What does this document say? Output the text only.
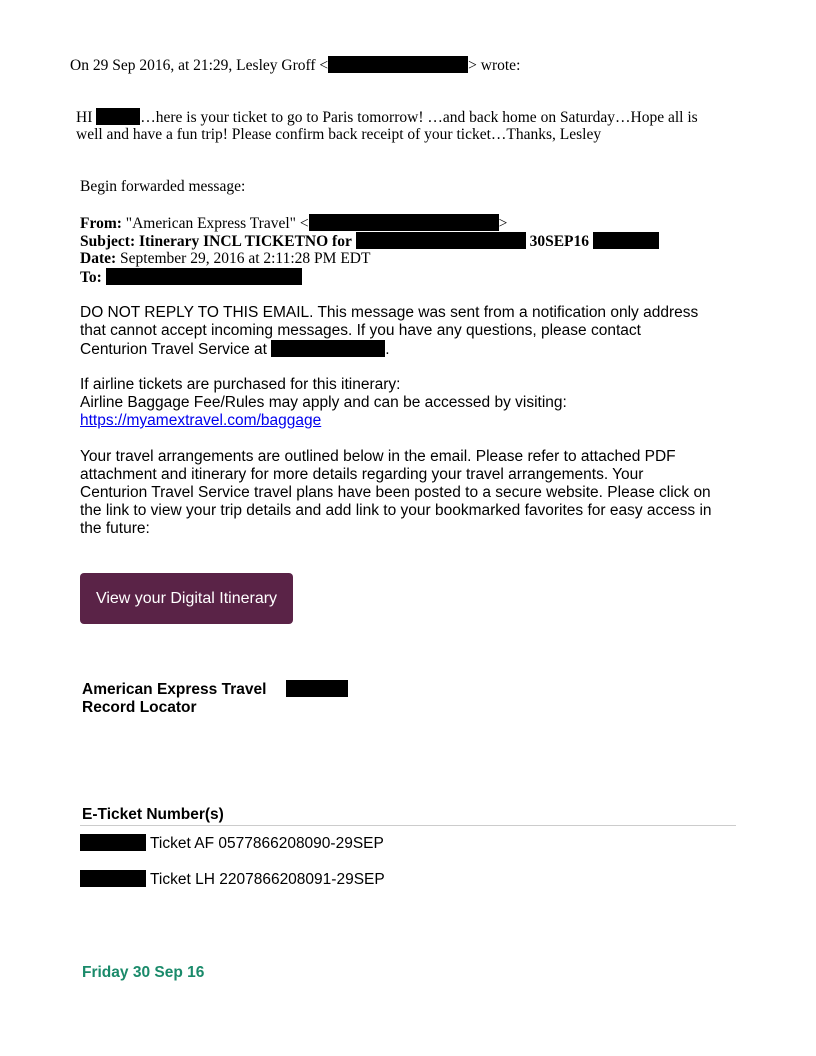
On 29 Sep 2016, at 21:29, Lesley Groff <	> wrote:
HI	…here is your ticket to go to Paris tomorrow! …and back home on Saturday…Hope all is
well and have a fun trip! Please confirm back receipt of your ticket…Thanks, Lesley
Begin forwarded message:
From: "American Express Travel" <	>
Subject: Itinerary INCL TICKETNO for	30SEP16
Date: September 29, 2016 at 2:11:28 PM EDT
To:
DO NOT REPLY TO THIS EMAIL. This message was sent from a notification only address
that cannot accept incoming messages. If you have any questions, please contact
Centurion Travel Service at	.
If airline tickets are purchased for this itinerary:
Airline Baggage Fee/Rules may apply and can be accessed by visiting:
https://myamextravel.com/baggage
Your travel arrangements are outlined below in the email. Please refer to attached PDF
attachment and itinerary for more details regarding your travel arrangements. Your
Centurion Travel Service travel plans have been posted to a secure website. Please click on
the link to view your trip details and add link to your bookmarked favorites for easy access in
the future:
View your Digital Itinerary
American Express Travel
Record Locator
E-Ticket Number(s)
Ticket AF 0577866208090-29SEP
Ticket LH 2207866208091-29SEP
Friday 30 Sep 16
